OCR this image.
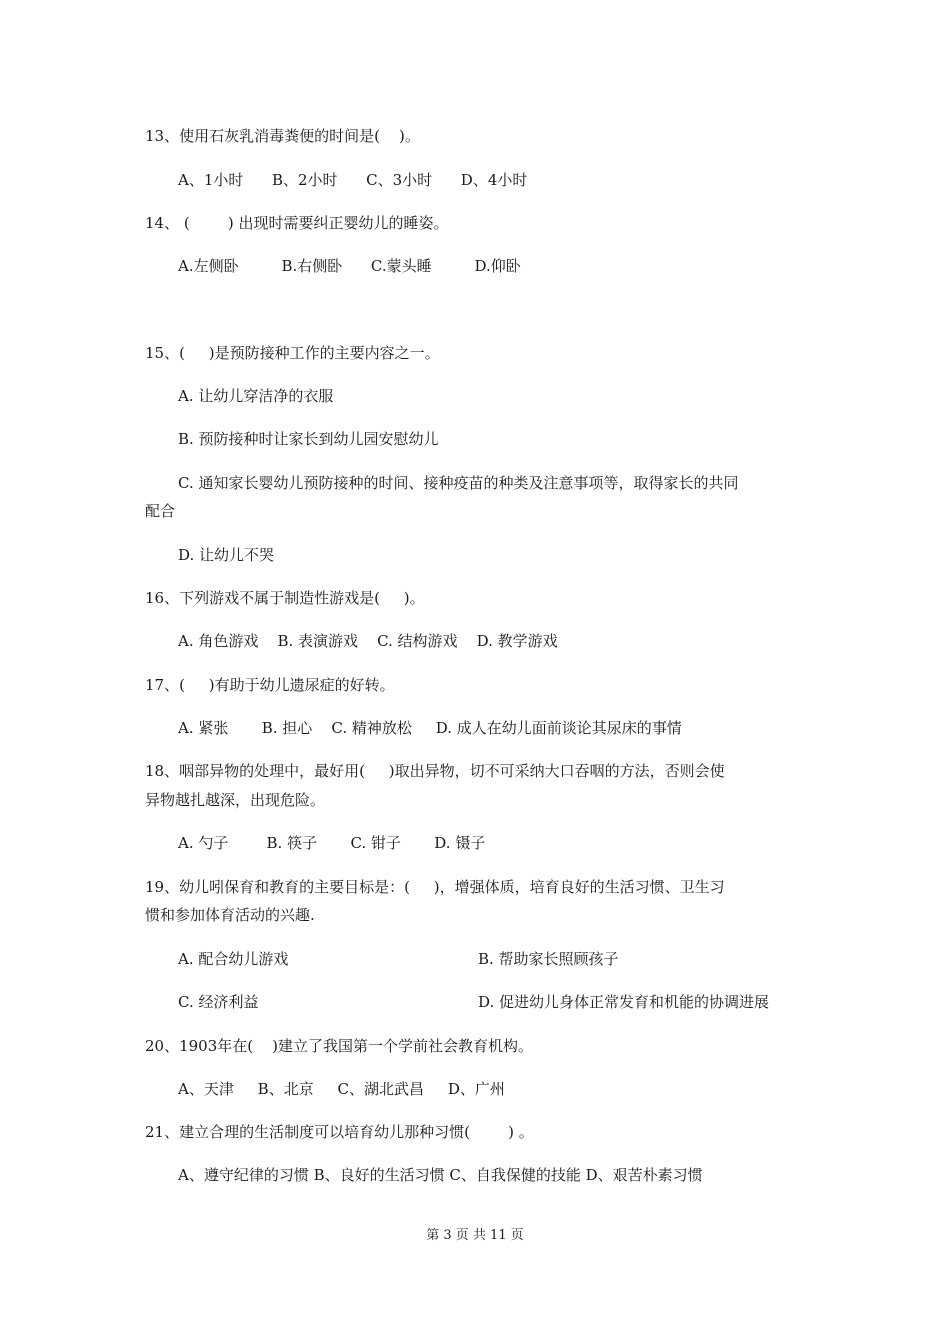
13、使用石灰乳消毒粪便的时间是(    )。
A、1小时      B、2小时      C、3小时      D、4小时
14、 (        ) 出现时需要纠正婴幼儿的睡姿。
A.左侧卧         B.右侧卧      C.蒙头睡         D.仰卧
15、(     )是预防接种工作的主要内容之一。
A. 让幼儿穿洁净的衣服
B. 预防接种时让家长到幼儿园安慰幼儿
C. 通知家长婴幼儿预防接种的时间、接种疫苗的种类及注意事项等，取得家长的共同
配合
D. 让幼儿不哭
16、下列游戏不属于制造性游戏是(     )。
A. 角色游戏    B. 表演游戏    C. 结构游戏    D. 教学游戏
17、(     )有助于幼儿遗尿症的好转。
A. 紧张       B. 担心    C. 精神放松     D. 成人在幼儿面前谈论其尿床的事情
18、咽部异物的处理中，最好用(     )取出异物，切不可采纳大口吞咽的方法，否则会使
异物越扎越深，出现危险。
A. 勺子        B. 筷子       C. 钳子       D. 镊子
19、幼儿吲保育和教育的主要目标是：(     )，增强体质，培育良好的生活习惯、卫生习
惯和参加体育活动的兴趣.
A. 配合幼儿游戏	B. 帮助家长照顾孩子
C. 经济利益	D. 促进幼儿身体正常发育和机能的协调进展
20、1903年在(    )建立了我国第一个学前社会教育机构。
A、天津     B、北京     C、湖北武昌     D、广州
21、建立合理的生活制度可以培育幼儿那种习惯(        ) 。
A、遵守纪律的习惯 B、良好的生活习惯 C、自我保健的技能 D、艰苦朴素习惯
第 3 页 共 11 页
